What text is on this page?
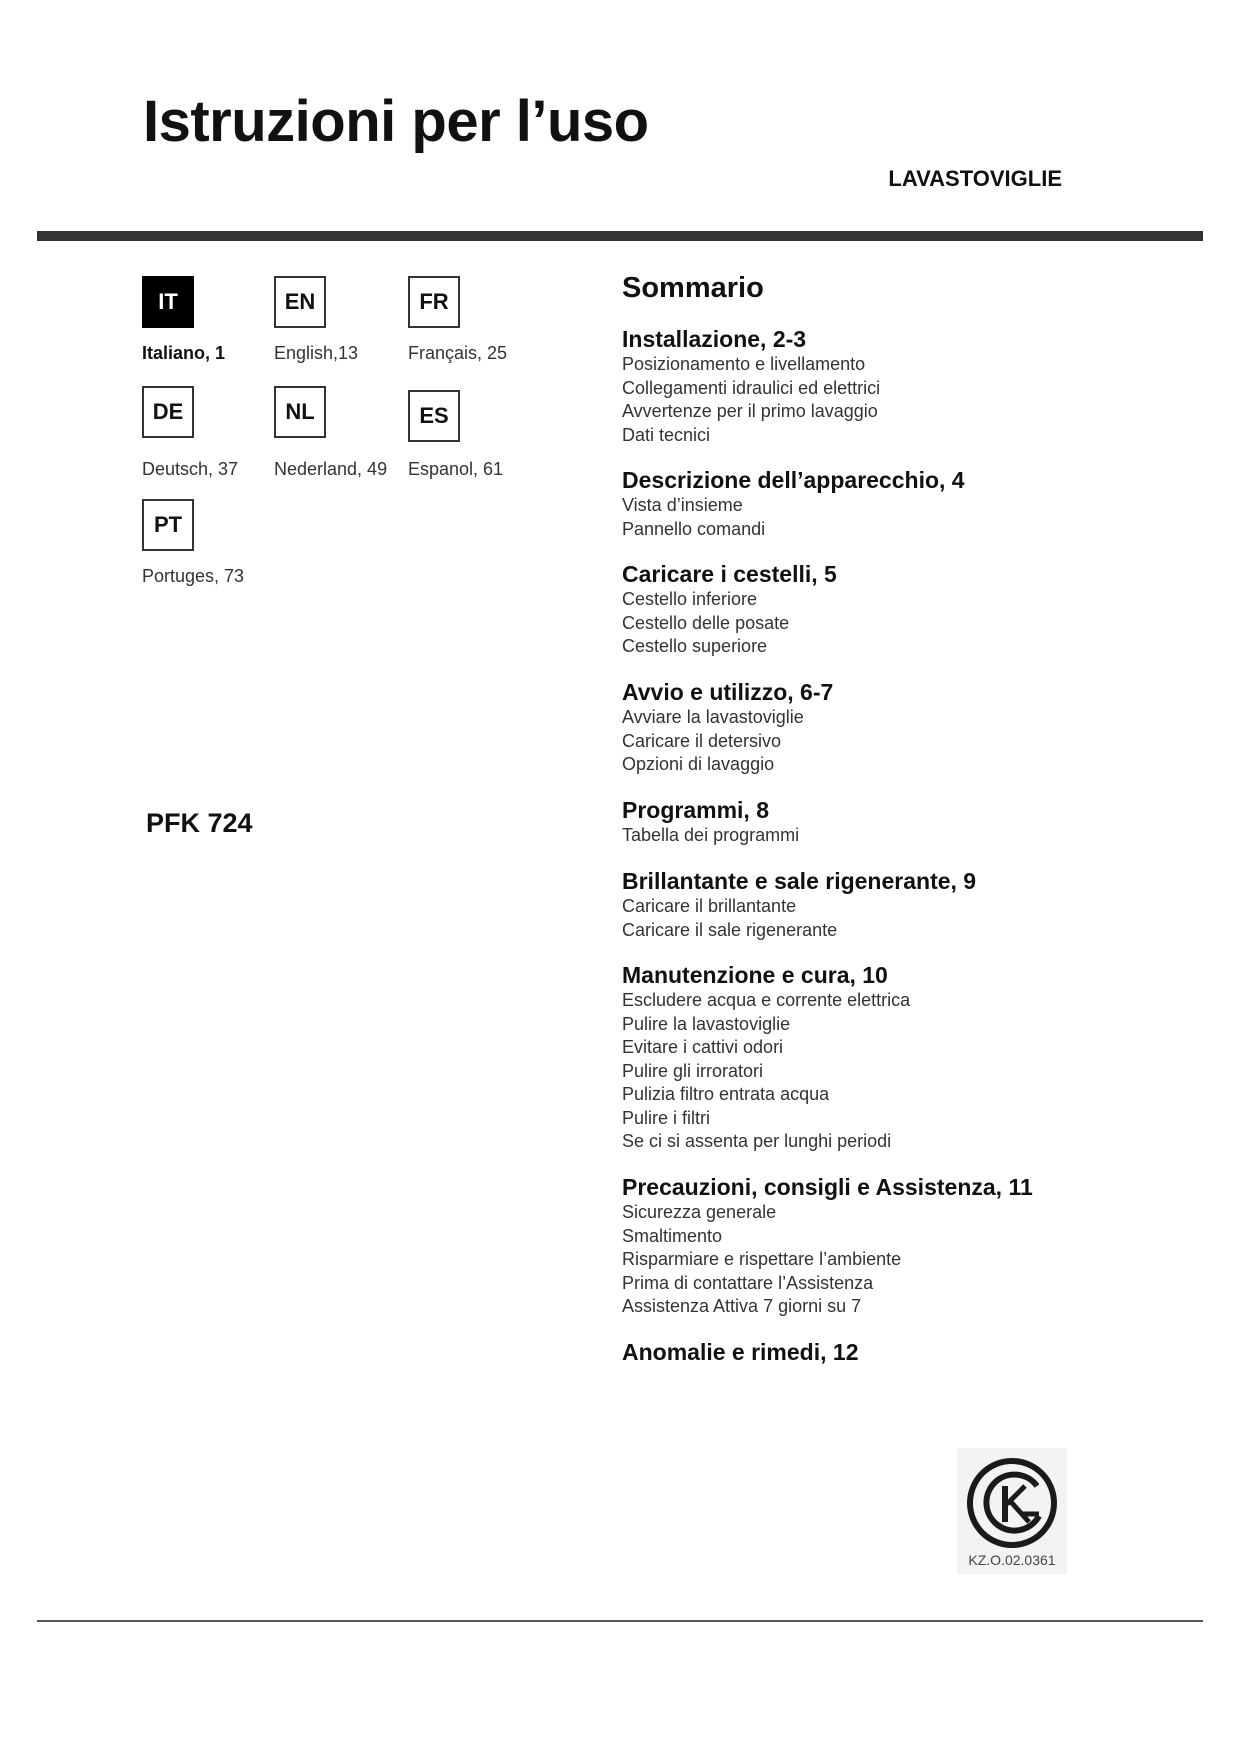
Istruzioni per l’uso
LAVASTOVIGLIE
IT
Italiano, 1
EN
English,13
FR
Français, 25
DE
Deutsch, 37
NL
Nederland, 49
ES
Espanol, 61
PT
Portuges, 73
PFK 724
Sommario
Installazione, 2-3
Posizionamento e livellamento
Collegamenti idraulici ed elettrici
Avvertenze per il primo lavaggio
Dati tecnici
Descrizione dell’apparecchio, 4
Vista d’insieme
Pannello comandi
Caricare i cestelli, 5
Cestello inferiore
Cestello delle posate
Cestello superiore
Avvio e utilizzo, 6-7
Avviare la lavastoviglie
Caricare il detersivo
Opzioni di lavaggio
Programmi, 8
Tabella dei programmi
Brillantante e sale rigenerante, 9
Caricare il brillantante
Caricare il sale rigenerante
Manutenzione e cura, 10
Escludere acqua e corrente elettrica
Pulire la lavastoviglie
Evitare i cattivi odori
Pulire gli irroratori
Pulizia filtro entrata acqua
Pulire i filtri
Se ci si assenta per lunghi periodi
Precauzioni, consigli e Assistenza, 11
Sicurezza generale
Smaltimento
Risparmiare e rispettare l’ambiente
Prima di contattare l’Assistenza
Assistenza Attiva 7 giorni su 7
Anomalie e rimedi, 12
KZ.O.02.0361
